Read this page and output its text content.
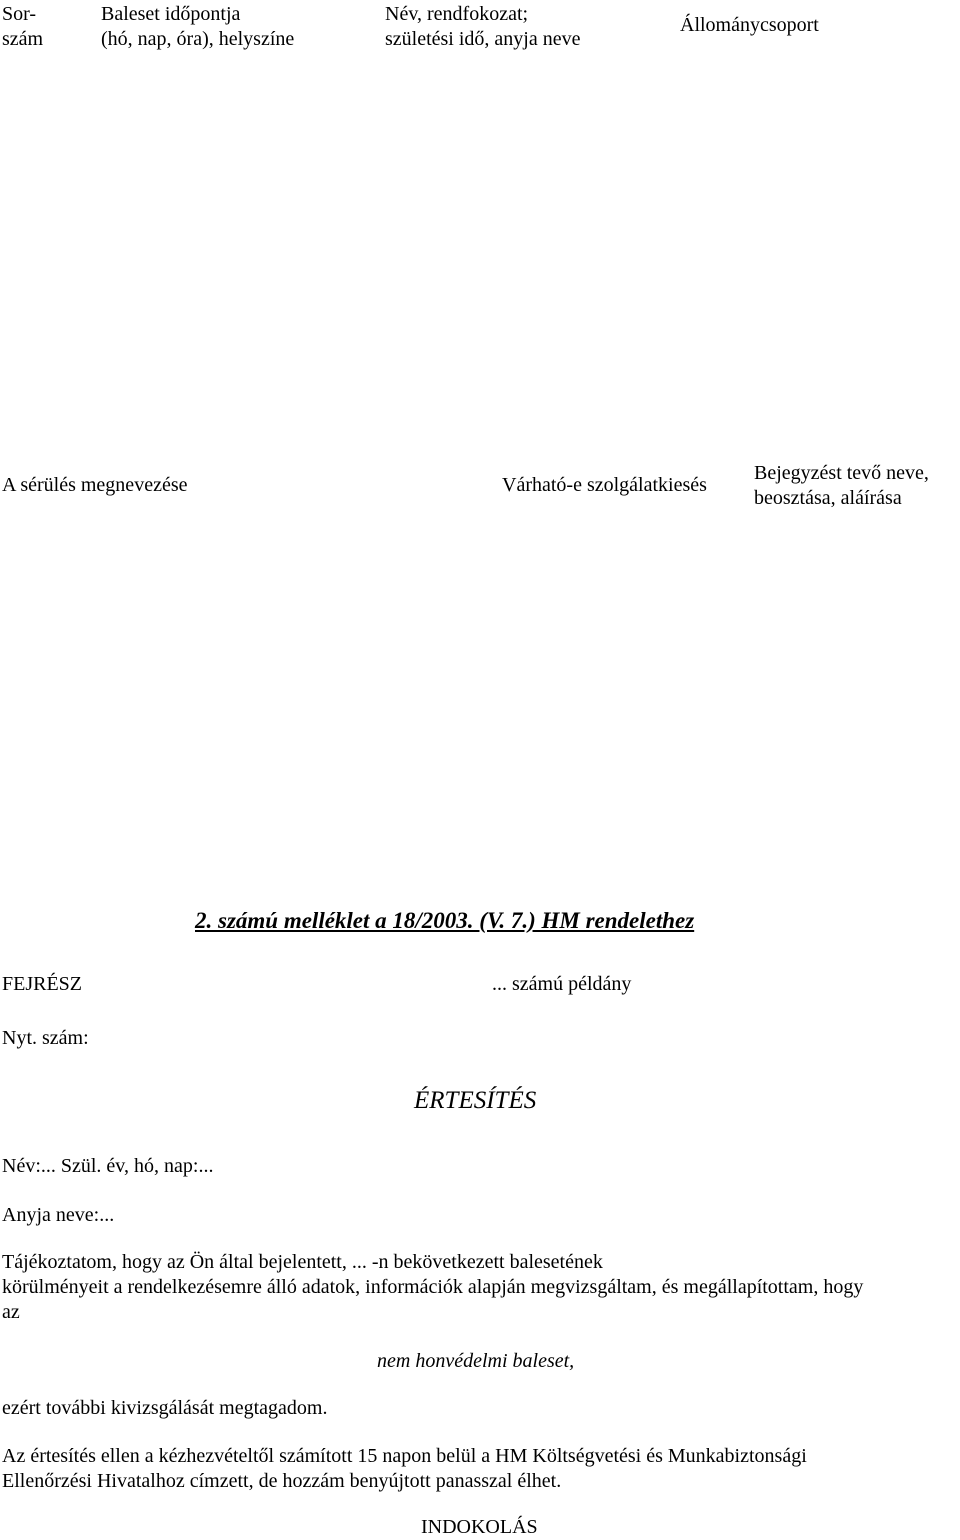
Sor-
szám
Baleset időpontja
(hó, nap, óra), helyszíne
Név, rendfokozat;
születési idő, anyja neve
Állománycsoport
A sérülés megnevezése	Várható-e szolgálatkiesés
Bejegyzést tevő neve,
beosztása, aláírása
2. számú melléklet a 18/2003. (V. 7.) HM rendelethez
FEJRÉSZ	... számú példány
Nyt. szám:
ÉRTESÍTÉS
Név:... Szül. év, hó, nap:...
Anyja neve:...
Tájékoztatom, hogy az Ön által bejelentett, ... -n bekövetkezett balesetének
körülményeit a rendelkezésemre álló adatok, információk alapján megvizsgáltam, és megállapítottam, hogy
az
nem honvédelmi baleset,
ezért további kivizsgálását megtagadom.
Az értesítés ellen a kézhezvételtől számított 15 napon belül a HM Költségvetési és Munkabiztonsági
Ellenőrzési Hivatalhoz címzett, de hozzám benyújtott panasszal élhet.
INDOKOLÁS
